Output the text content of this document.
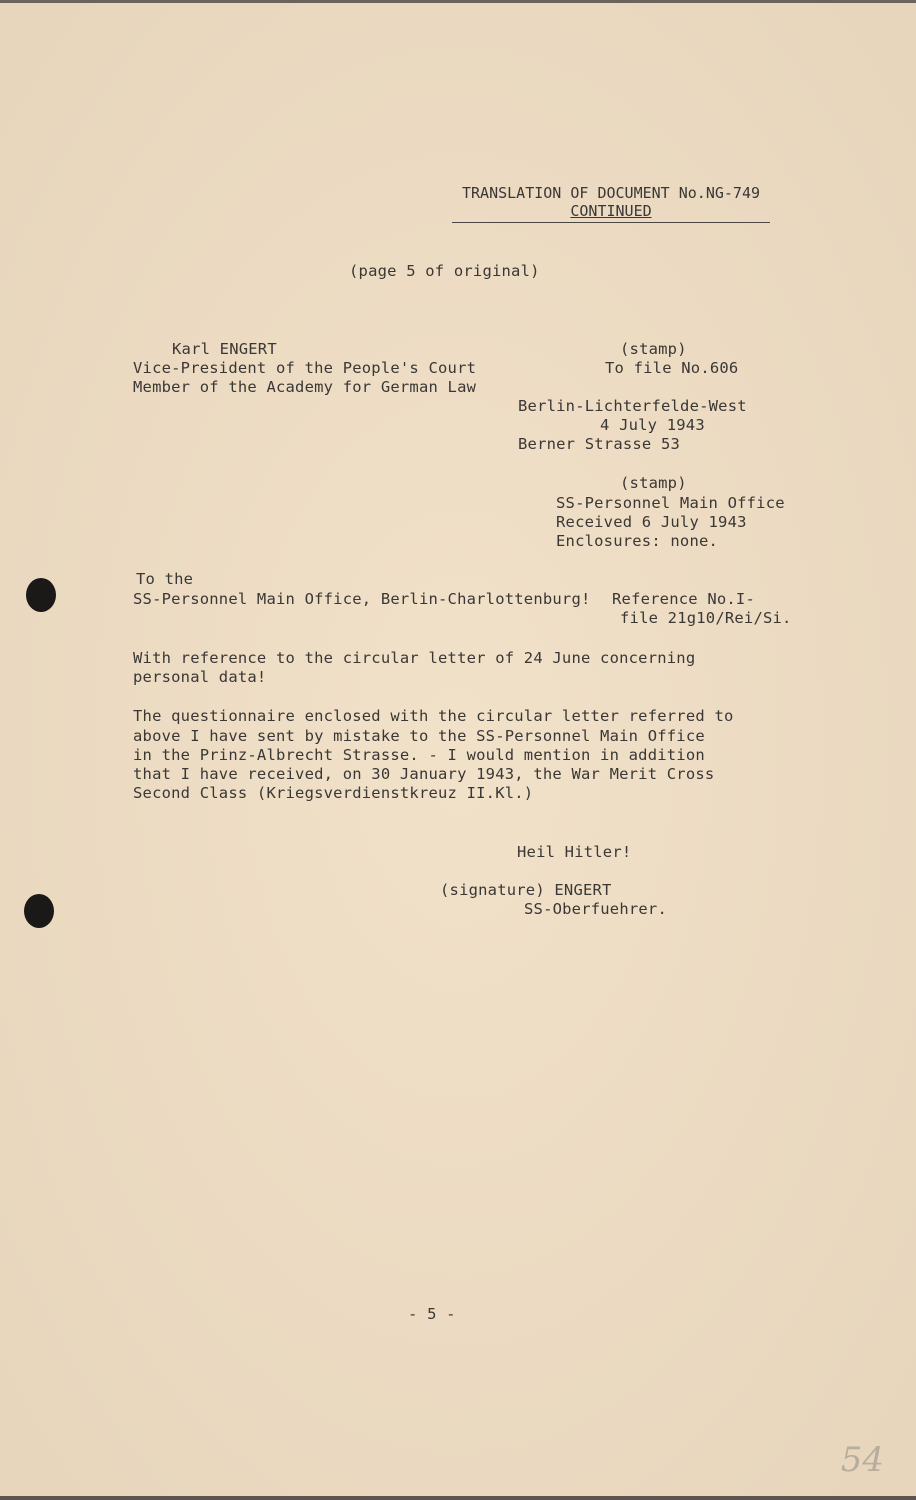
TRANSLATION OF DOCUMENT No.NG-749
CONTINUED
(page 5 of original)
Karl ENGERT
Vice-President of the People's Court
Member of the Academy for German Law
(stamp)
To file No.606
Berlin-Lichterfelde-West
4 July 1943
Berner Strasse 53
(stamp)
SS-Personnel Main Office
Received 6 July 1943
Enclosures: none.
To the
SS-Personnel Main Office, Berlin-Charlottenburg! Reference No.I-
file 21g10/Rei/Si.
With reference to the circular letter of 24 June concerning
personal data!
The questionnaire enclosed with the circular letter referred to
above I have sent by mistake to the SS-Personnel Main Office
in the Prinz-Albrecht Strasse. - I would mention in addition
that I have received, on 30 January 1943, the War Merit Cross
Second Class (Kriegsverdienstkreuz II.Kl.)
Heil Hitler!
(signature) ENGERT
SS-Oberfuehrer.
- 5 -
54
